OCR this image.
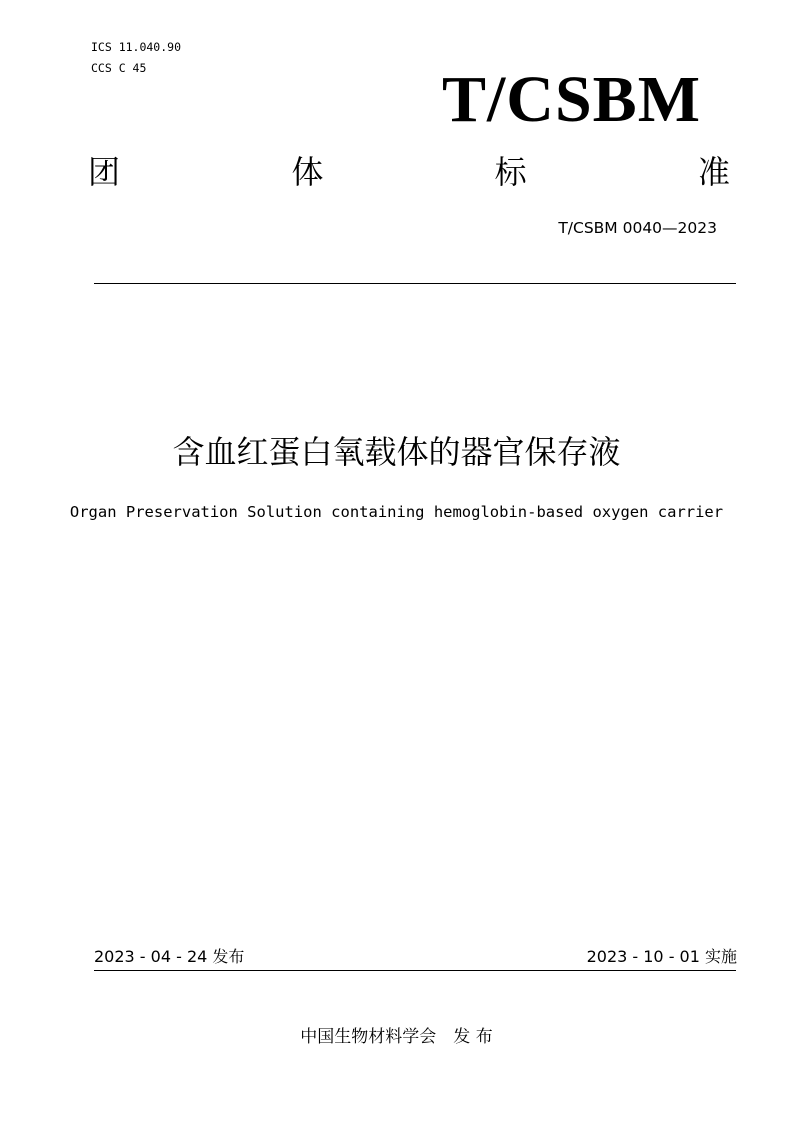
ICS 11.040.90
CCS C 45	T/CSBM
团	体	标	准
T/CSBM 0040—2023
含血红蛋白氧载体的器官保存液
Organ Preservation Solution containing hemoglobin-based oxygen carrier
2023 - 04 - 24 发布	2023 - 10 - 01 实施
中国生物材料学会　发 布
